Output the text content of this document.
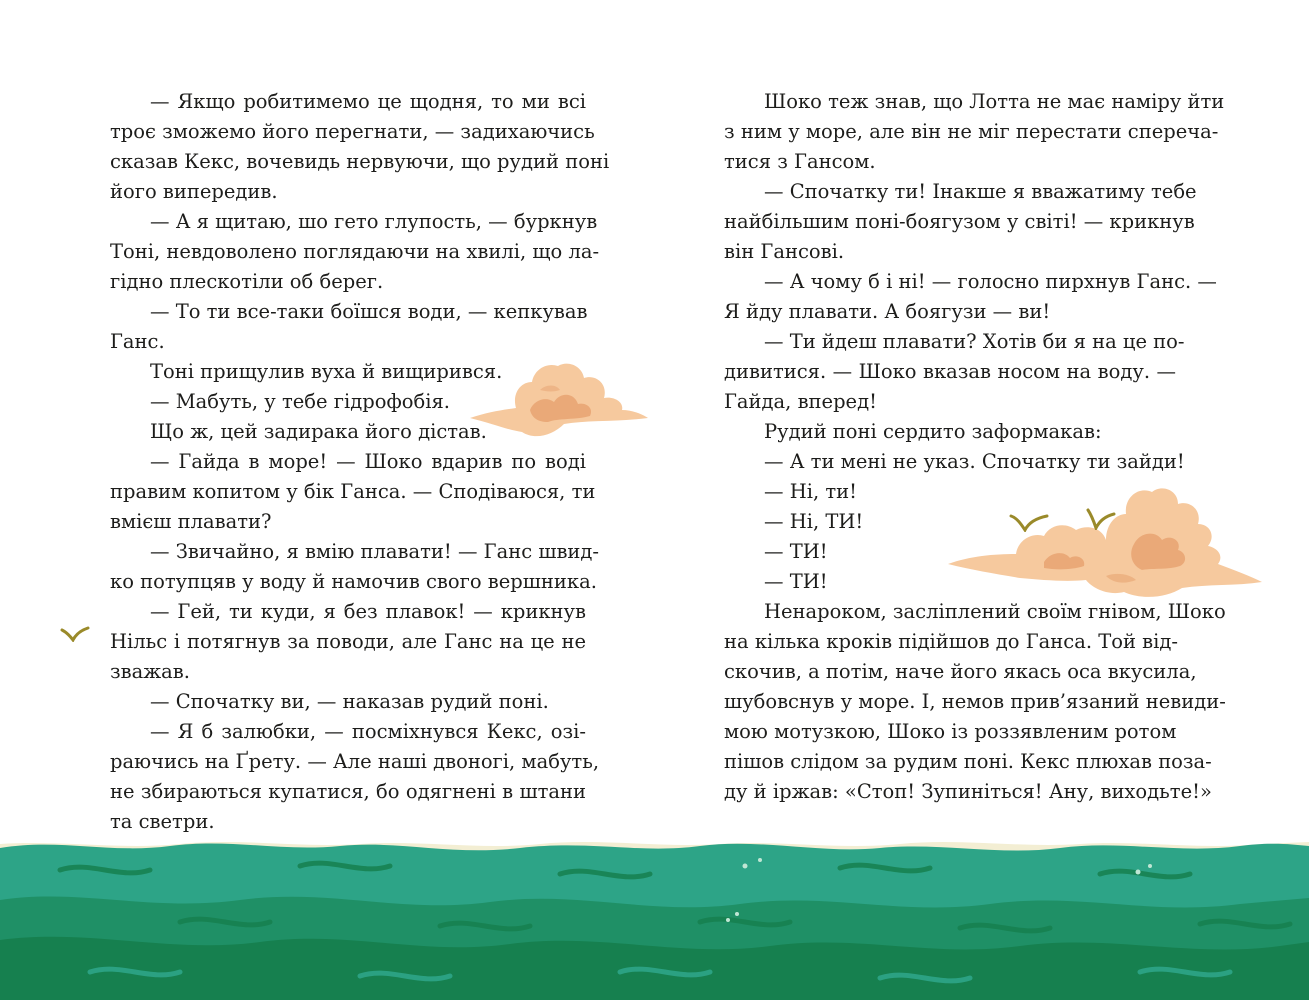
— Якщо робитимемо це щодня, то ми всі
троє зможемо його перегнати, — задихаючись
сказав Кекс, вочевидь нервуючи, що рудий поні
його випередив.
— А я щитаю, шо гето глупость, — буркнув
Тоні, невдоволено поглядаючи на хвилі, що ла-
гідно плескотіли об берег.
— То ти все-таки боїшся води, — кепкував
Ганс.
Тоні прищулив вуха й вищирився.
— Мабуть, у тебе гідрофобія.
Що ж, цей задирака його дістав.
— Гайда в море! — Шоко вдарив по воді
правим копитом у бік Ганса. — Сподіваюся, ти
вмієш плавати?
— Звичайно, я вмію плавати! — Ганс швид-
ко потупцяв у воду й намочив свого вершника.
— Гей, ти куди, я без плавок! — крикнув
Нільс і потягнув за поводи, але Ганс на це не
зважав.
— Спочатку ви, — наказав рудий поні.
— Я б залюбки, — посміхнувся Кекс, озі-
раючись на Ґрету. — Але наші двоногі, мабуть,
не збираються купатися, бо одягнені в штани
та светри.
Шоко теж знав, що Лотта не має наміру йти
з ним у море, але він не міг перестати спереча-
тися з Гансом.
— Спочатку ти! Інакше я вважатиму тебе
найбільшим поні-боягузом у світі! — крикнув
він Гансові.
— А чому б і ні! — голосно пирхнув Ганс. —
Я йду плавати. А боягузи — ви!
— Ти йдеш плавати? Хотів би я на це по-
дивитися. — Шоко вказав носом на воду. —
Гайда, вперед!
Рудий поні сердито заформакав:
— А ти мені не указ. Спочатку ти зайди!
— Ні, ти!
— Ні, ТИ!
— ТИ!
— ТИ!
Ненароком, засліплений своїм гнівом, Шоко
на кілька кроків підійшов до Ганса. Той від-
скочив, а потім, наче його якась оса вкусила,
шубовснув у море. І, немов прив’язаний невиди-
мою мотузкою, Шоко із роззявленим ротом
пішов слідом за рудим поні. Кекс плюхав поза-
ду й іржав: «Стоп! Зупиніться! Ану, виходьте!»
